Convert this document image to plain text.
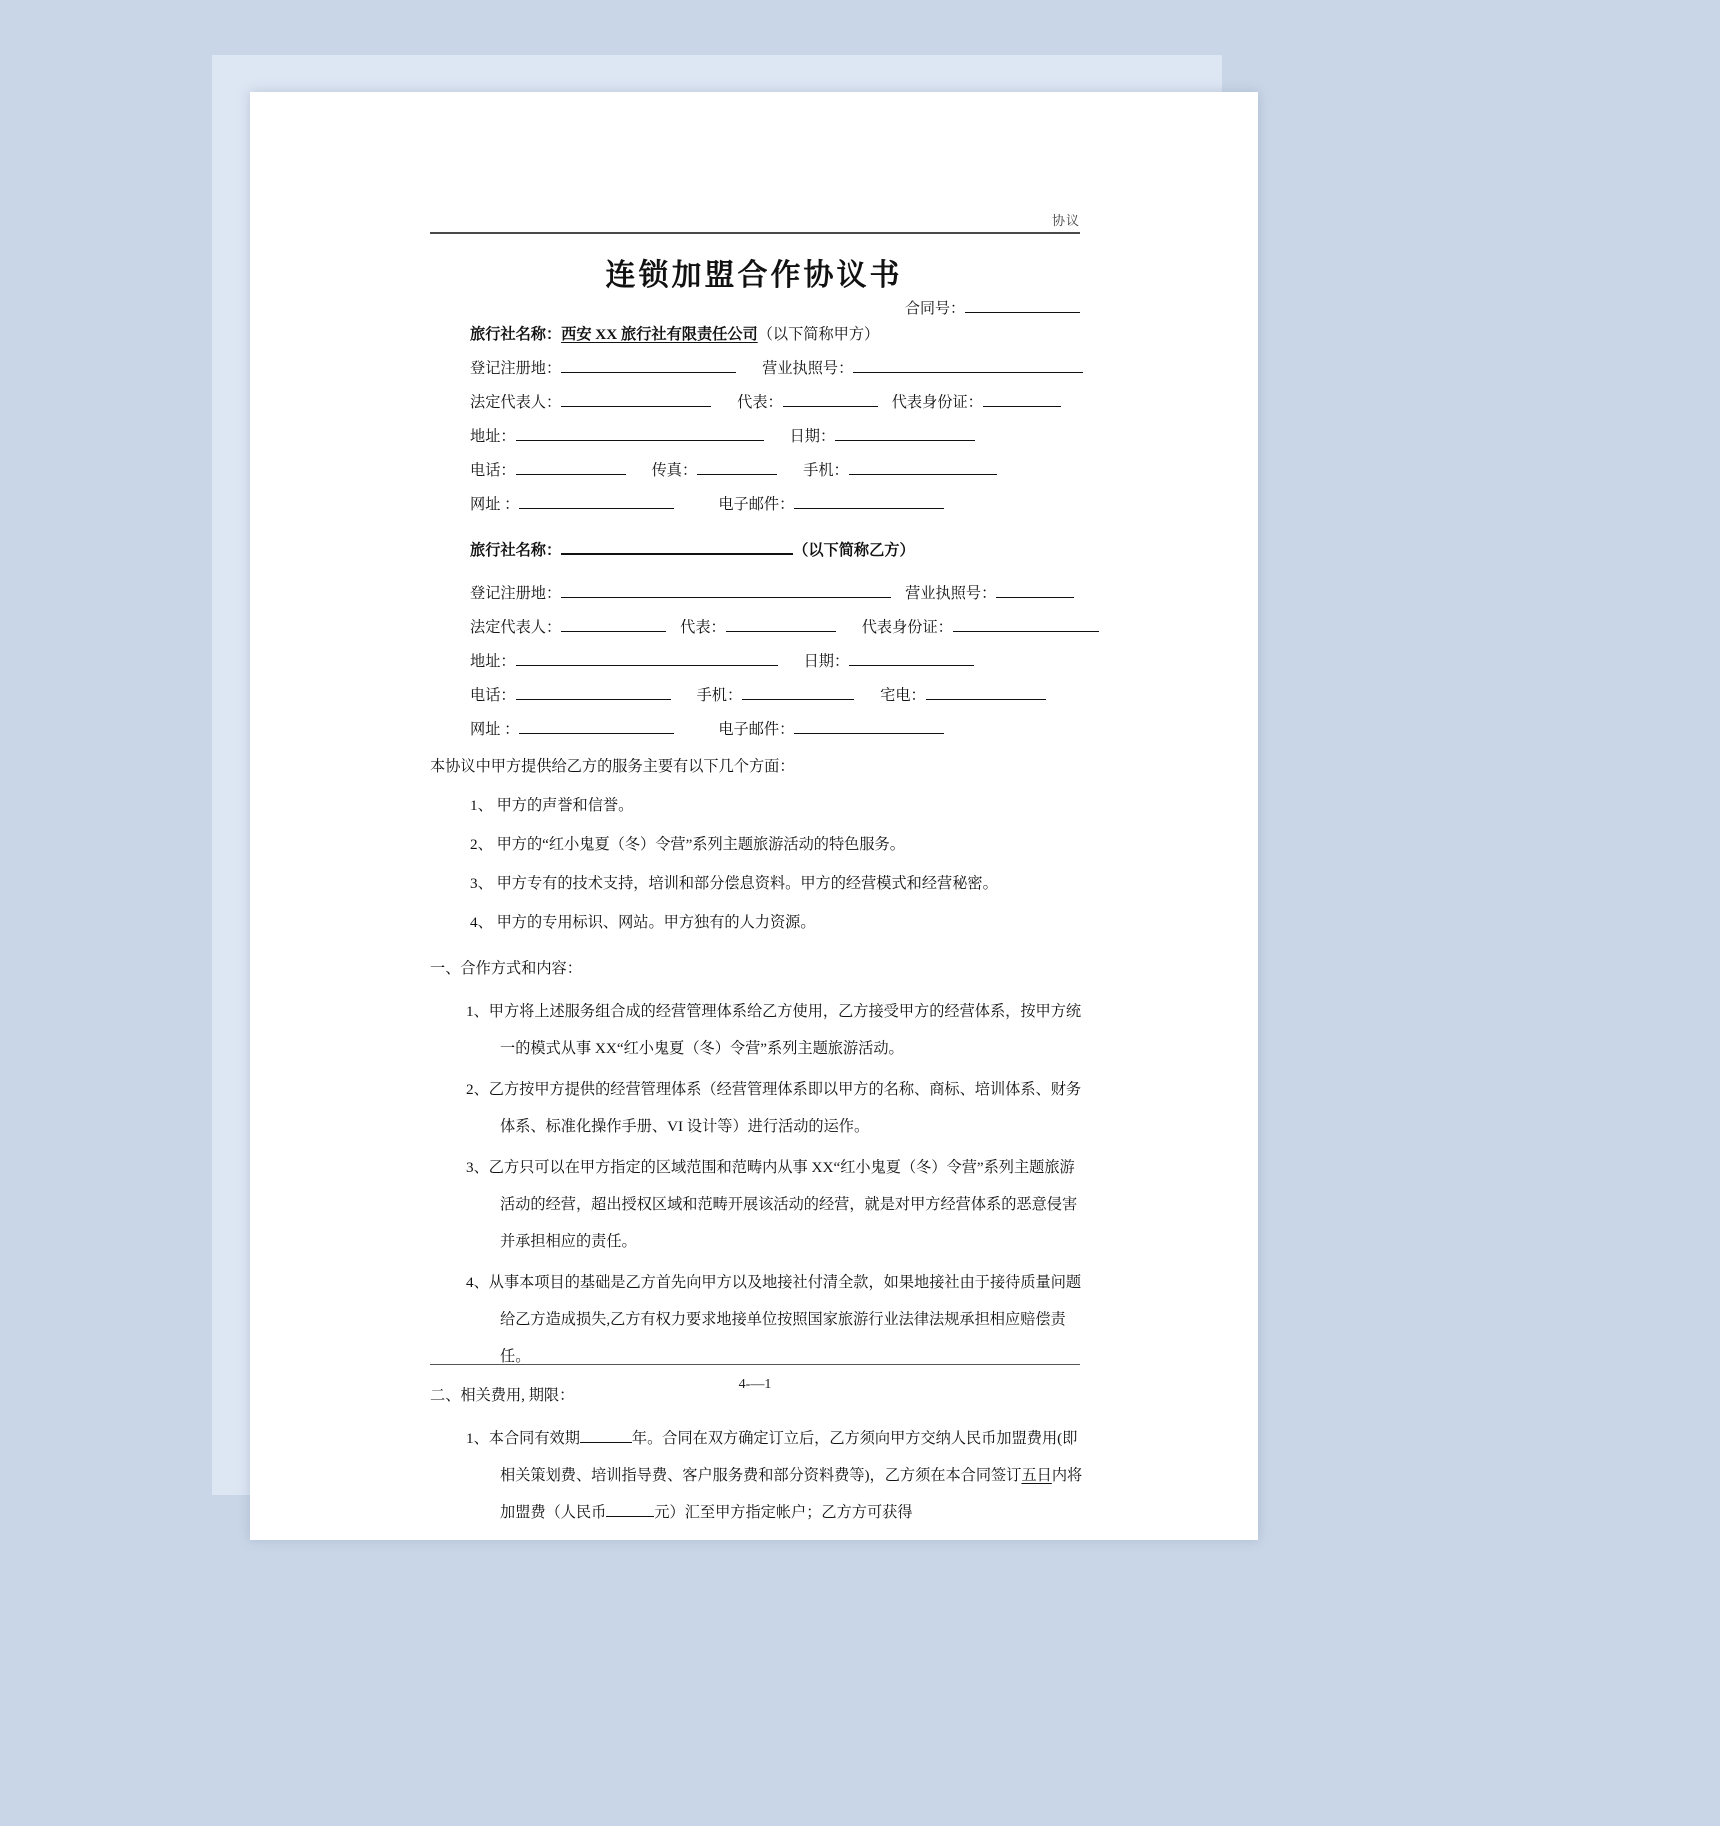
协议
连锁加盟合作协议书
合同号：
旅行社名称：西安 XX 旅行社有限责任公司（以下简称甲方）
登记注册地：	营业执照号：
法定代表人：	代表：	代表身份证：
地址：	日期：
电话：	传真：	手机：
网址 ：	电子邮件：
旅行社名称：	（以下简称乙方）
登记注册地：	营业执照号：
法定代表人：	代表：	代表身份证：
地址：	日期：
电话：	手机：	宅电：
网址 ：	电子邮件：
本协议中甲方提供给乙方的服务主要有以下几个方面：
1、 甲方的声誉和信誉。
2、 甲方的“红小鬼夏（冬）令营”系列主题旅游活动的特色服务。
3、 甲方专有的技术支持，培训和部分偿息资料。甲方的经营模式和经营秘密。
4、 甲方的专用标识、网站。甲方独有的人力资源。
一、合作方式和内容：
1、甲方将上述服务组合成的经营管理体系给乙方使用，乙方接受甲方的经营体系，按甲方统一的模式从事 XX“红小鬼夏（冬）令营”系列主题旅游活动。
2、乙方按甲方提供的经营管理体系（经营管理体系即以甲方的名称、商标、培训体系、财务体系、标准化操作手册、VI 设计等）进行活动的运作。
3、乙方只可以在甲方指定的区域范围和范畴内从事 XX“红小鬼夏（冬）令营”系列主题旅游活动的经营，超出授权区域和范畴开展该活动的经营，就是对甲方经营体系的恶意侵害并承担相应的责任。
4、从事本项目的基础是乙方首先向甲方以及地接社付清全款，如果地接社由于接待质量问题给乙方造成损失,乙方有权力要求地接单位按照国家旅游行业法律法规承担相应赔偿责任。
二、相关费用, 期限：
1、本合同有效期	年。合同在双方确定订立后，乙方须向甲方交纳人民币加盟费用(即相关策划费、培训指导费、客户服务费和部分资料费等)，乙方须在本合同签订五日内将加盟费（人民币	元）汇至甲方指定帐户；乙方方可获得
4-—1
